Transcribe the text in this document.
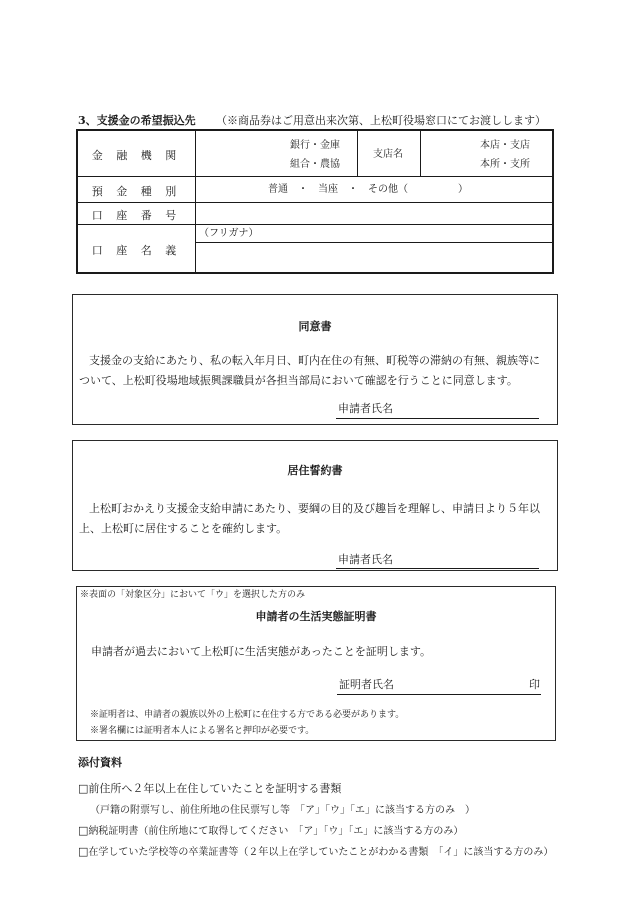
3、支援金の希望振込先 （※商品券はご用意出来次第、上松町役場窓口にてお渡しします）
金 融 機 関
銀行・金庫
組合・農協
支店名
本店・支店
本所・支所
預 金 種 別	普通　・　当座　・　その他（　　　　　）
口 座 番 号
口 座 名 義
（フリガナ）
同意書
支援金の支給にあたり、私の転入年月日、町内在住の有無、町税等の滞納の有無、親族等に
ついて、上松町役場地域振興課職員が各担当部局において確認を行うことに同意します。
申請者氏名
居住誓約書
上松町おかえり支援金支給申請にあたり、要綱の目的及び趣旨を理解し、申請日より５年以
上、上松町に居住することを確約します。
申請者氏名
※表面の「対象区分」において「ウ」を選択した方のみ
申請者の生活実態証明書
申請者が過去において上松町に生活実態があったことを証明します。
証明者氏名	印
※証明者は、申請者の親族以外の上松町に在住する方である必要があります。
※署名欄には証明者本人による署名と押印が必要です。
添付資料
□前住所へ２年以上在住していたことを証明する書類
（戸籍の附票写し、前住所地の住民票写し等　「ア」「ウ」「エ」に該当する方のみ　）
□納税証明書（前住所地にて取得してください　「ア」「ウ」「エ」に該当する方のみ）
□在学していた学校等の卒業証書等（２年以上在学していたことがわかる書類　「イ」に該当する方のみ）
